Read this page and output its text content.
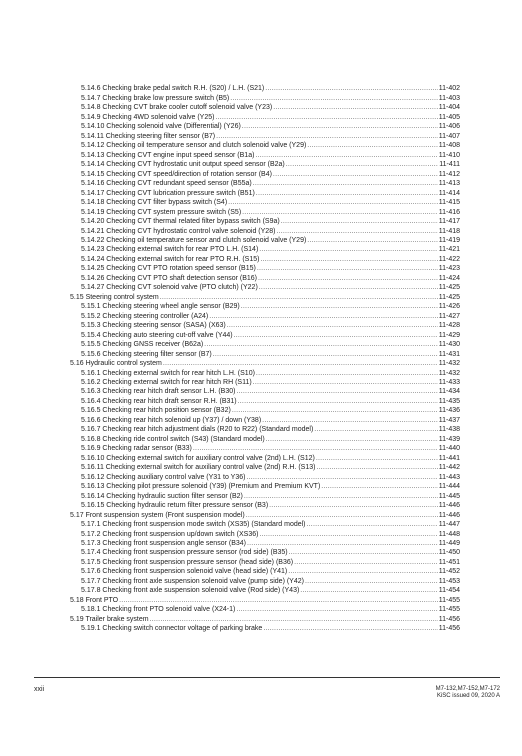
5.14.6 Checking brake pedal switch R.H. (S20) / L.H. (S21) .....	11-402
5.14.7 Checking brake low pressure switch (B5) .....	11-403
5.14.8 Checking CVT brake cooler cutoff solenoid valve (Y23) .....	11-404
5.14.9 Checking 4WD solenoid valve (Y25) .....	11-405
5.14.10 Checking solenoid valve (Differential) (Y26) .....	11-406
5.14.11 Checking steering filter sensor (B7) .....	11-407
5.14.12 Checking oil temperature sensor and clutch solenoid valve (Y29) .....	11-408
5.14.13 Checking CVT engine input speed sensor (B1a) .....	11-410
5.14.14 Checking CVT hydrostatic unit output speed sensor (B2a) .....	11-411
5.14.15 Checking CVT speed/direction of rotation sensor (B4) .....	11-412
5.14.16 Checking CVT redundant speed sensor (B55a) .....	11-413
5.14.17 Checking CVT lubrication pressure switch (B51) .....	11-414
5.14.18 Checking CVT filter bypass switch (S4) .....	11-415
5.14.19 Checking CVT system pressure switch (S5) .....	11-416
5.14.20 Checking CVT thermal related filter bypass switch (S9a) .....	11-417
5.14.21 Checking CVT hydrostatic control valve solenoid (Y28) .....	11-418
5.14.22 Checking oil temperature sensor and clutch solenoid valve (Y29) .....	11-419
5.14.23 Checking external switch for rear PTO L.H. (S14) .....	11-421
5.14.24 Checking external switch for rear PTO R.H. (S15) .....	11-422
5.14.25 Checking CVT PTO rotation speed sensor (B15) .....	11-423
5.14.26 Checking CVT PTO shaft detection sensor (B16) .....	11-424
5.14.27 Checking CVT solenoid valve (PTO clutch) (Y22) .....	11-425
5.15 Steering control system .....	11-425
5.15.1 Checking steering wheel angle sensor (B29) .....	11-426
5.15.2 Checking steering controller (A24) .....	11-427
5.15.3 Checking steering sensor (SASA) (X63) .....	11-428
5.15.4 Checking auto steering cut-off valve (Y44) .....	11-429
5.15.5 Checking GNSS receiver (B62a) .....	11-430
5.15.6 Checking steering filter sensor (B7) .....	11-431
5.16 Hydraulic control system .....	11-432
5.16.1 Checking external switch for rear hitch L.H. (S10) .....	11-432
5.16.2 Checking external switch for rear hitch RH (S11) .....	11-433
5.16.3 Checking rear hitch draft sensor L.H. (B30) .....	11-434
5.16.4 Checking rear hitch draft sensor R.H. (B31) .....	11-435
5.16.5 Checking rear hitch position sensor (B32) .....	11-436
5.16.6 Checking rear hitch solenoid up (Y37) / down (Y38) .....	11-437
5.16.7 Checking rear hitch adjustment dials (R20 to R22) (Standard model) .....	11-438
5.16.8 Checking ride control switch (S43) (Standard model) .....	11-439
5.16.9 Checking radar sensor (B33) .....	11-440
5.16.10 Checking external switch for auxiliary control valve (2nd) L.H. (S12) .....	11-441
5.16.11 Checking external switch for auxiliary control valve (2nd) R.H. (S13) .....	11-442
5.16.12 Checking auxiliary control valve (Y31 to Y36) .....	11-443
5.16.13 Checking pilot pressure solenoid (Y39) (Premium and Premium KVT) .....	11-444
5.16.14 Checking hydraulic suction filter sensor (B2) .....	11-445
5.16.15 Checking hydraulic return filter pressure sensor (B3) .....	11-446
5.17 Front suspension system (Front suspension model) .....	11-446
5.17.1 Checking front suspension mode switch (XS35) (Standard model) .....	11-447
5.17.2 Checking front suspension up/down switch (XS36) .....	11-448
5.17.3 Checking front suspension angle sensor (B34) .....	11-449
5.17.4 Checking front suspension pressure sensor (rod side) (B35) .....	11-450
5.17.5 Checking front suspension pressure sensor (head side) (B36) .....	11-451
5.17.6 Checking front suspension solenoid valve (head side) (Y41) .....	11-452
5.17.7 Checking front axle suspension solenoid valve (pump side) (Y42) .....	11-453
5.17.8 Checking front axle suspension solenoid valve (Rod side) (Y43) .....	11-454
5.18 Front PTO .....	11-455
5.18.1 Checking front PTO solenoid valve (X24-1) .....	11-455
5.19 Trailer brake system .....	11-456
5.19.1 Checking switch connector voltage of parking brake .....	11-456
xxii	M7-132,M7-152,M7-172
KiSC issued 09, 2020 A
